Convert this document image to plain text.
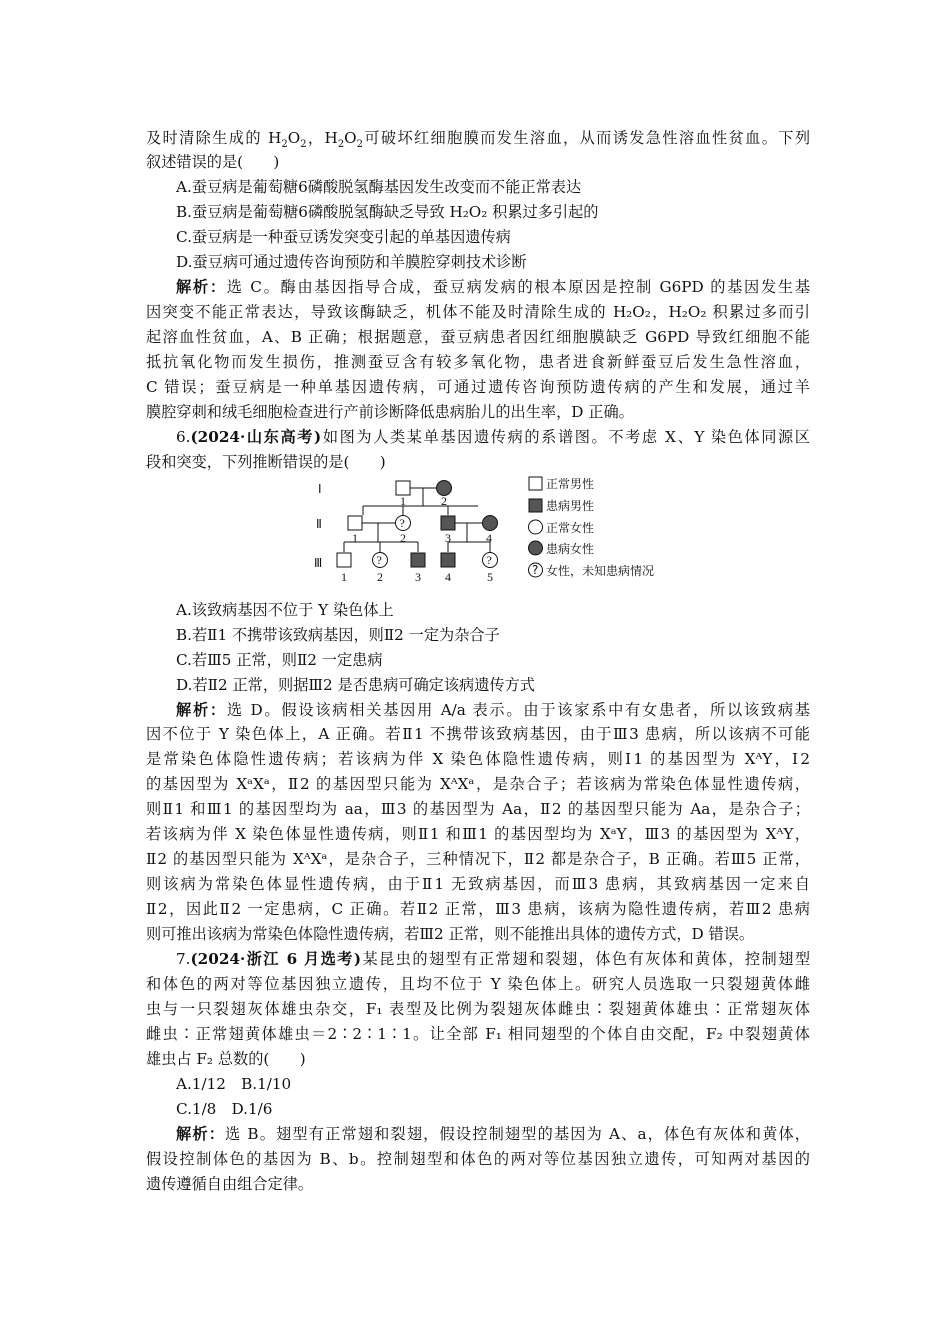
及时清除生成的 $H_2O_2$，$H_2O_2$可破坏红细胞膜而发生溶血，从而诱发急性溶血性贫血。下列
叙述错误的是(　　)
A.蚕豆病是葡萄糖6磷酸脱氢酶基因发生改变而不能正常表达
B.蚕豆病是葡萄糖6磷酸脱氢酶缺乏导致 H₂O₂ 积累过多引起的
C.蚕豆病是一种蚕豆诱发突变引起的单基因遗传病
D.蚕豆病可通过遗传咨询预防和羊膜腔穿刺技术诊断
解析：选 C。酶由基因指导合成，蚕豆病发病的根本原因是控制 G6PD 的基因发生基
因突变不能正常表达，导致该酶缺乏，机体不能及时清除生成的 H₂O₂，H₂O₂ 积累过多而引
起溶血性贫血，A、B 正确；根据题意，蚕豆病患者因红细胞膜缺乏 G6PD 导致红细胞不能
抵抗氧化物而发生损伤，推测蚕豆含有较多氧化物，患者进食新鲜蚕豆后发生急性溶血，
C 错误；蚕豆病是一种单基因遗传病，可通过遗传咨询预防遗传病的产生和发展，通过羊
膜腔穿刺和绒毛细胞检查进行产前诊断降低患病胎儿的出生率，D 正确。
6.(2024·山东高考)如图为人类某单基因遗传病的系谱图。不考虑 X、Y 染色体同源区
段和突变，下列推断错误的是(　　)
Ⅰ
Ⅱ
Ⅲ
1	2
?
1	2	3	4
?	?
1	2	3 4	5
正常男性
患病男性
正常女性
患病女性
? 女性，未知患病情况
A.该致病基因不位于 Y 染色体上
B.若Ⅱ1 不携带该致病基因，则Ⅱ2 一定为杂合子
C.若Ⅲ5 正常，则Ⅱ2 一定患病
D.若Ⅱ2 正常，则据Ⅲ2 是否患病可确定该病遗传方式
解析：选 D。假设该病相关基因用 A/a 表示。由于该家系中有女患者，所以该致病基
因不位于 Y 染色体上，A 正确。若Ⅱ1 不携带该致病基因，由于Ⅲ3 患病，所以该病不可能
是常染色体隐性遗传病；若该病为伴 X 染色体隐性遗传病，则Ⅰ1 的基因型为 XᴬY，Ⅰ2
的基因型为 XᵃXᵃ，Ⅱ2 的基因型只能为 XᴬXᵃ，是杂合子；若该病为常染色体显性遗传病，
则Ⅱ1 和Ⅲ1 的基因型均为 aa，Ⅲ3 的基因型为 Aa，Ⅱ2 的基因型只能为 Aa，是杂合子；
若该病为伴 X 染色体显性遗传病，则Ⅱ1 和Ⅲ1 的基因型均为 XᵃY，Ⅲ3 的基因型为 XᴬY，
Ⅱ2 的基因型只能为 XᴬXᵃ，是杂合子，三种情况下，Ⅱ2 都是杂合子，B 正确。若Ⅲ5 正常，
则该病为常染色体显性遗传病，由于Ⅱ1 无致病基因，而Ⅲ3 患病，其致病基因一定来自
Ⅱ2，因此Ⅱ2 一定患病，C 正确。若Ⅱ2 正常，Ⅲ3 患病，该病为隐性遗传病，若Ⅲ2 患病
则可推出该病为常染色体隐性遗传病，若Ⅲ2 正常，则不能推出具体的遗传方式，D 错误。
7.(2024·浙江 6 月选考)某昆虫的翅型有正常翅和裂翅，体色有灰体和黄体，控制翅型
和体色的两对等位基因独立遗传，且均不位于 Y 染色体上。研究人员选取一只裂翅黄体雌
虫与一只裂翅灰体雄虫杂交，F₁ 表型及比例为裂翅灰体雌虫∶裂翅黄体雄虫∶正常翅灰体
雌虫∶正常翅黄体雄虫＝2∶2∶1∶1。让全部 F₁ 相同翅型的个体自由交配，F₂ 中裂翅黄体
雄虫占 F₂ 总数的(　　)
A.1/12　B.1/10
C.1/8　D.1/6
解析：选 B。翅型有正常翅和裂翅，假设控制翅型的基因为 A、a，体色有灰体和黄体，
假设控制体色的基因为 B、b。控制翅型和体色的两对等位基因独立遗传，可知两对基因的
遗传遵循自由组合定律。
